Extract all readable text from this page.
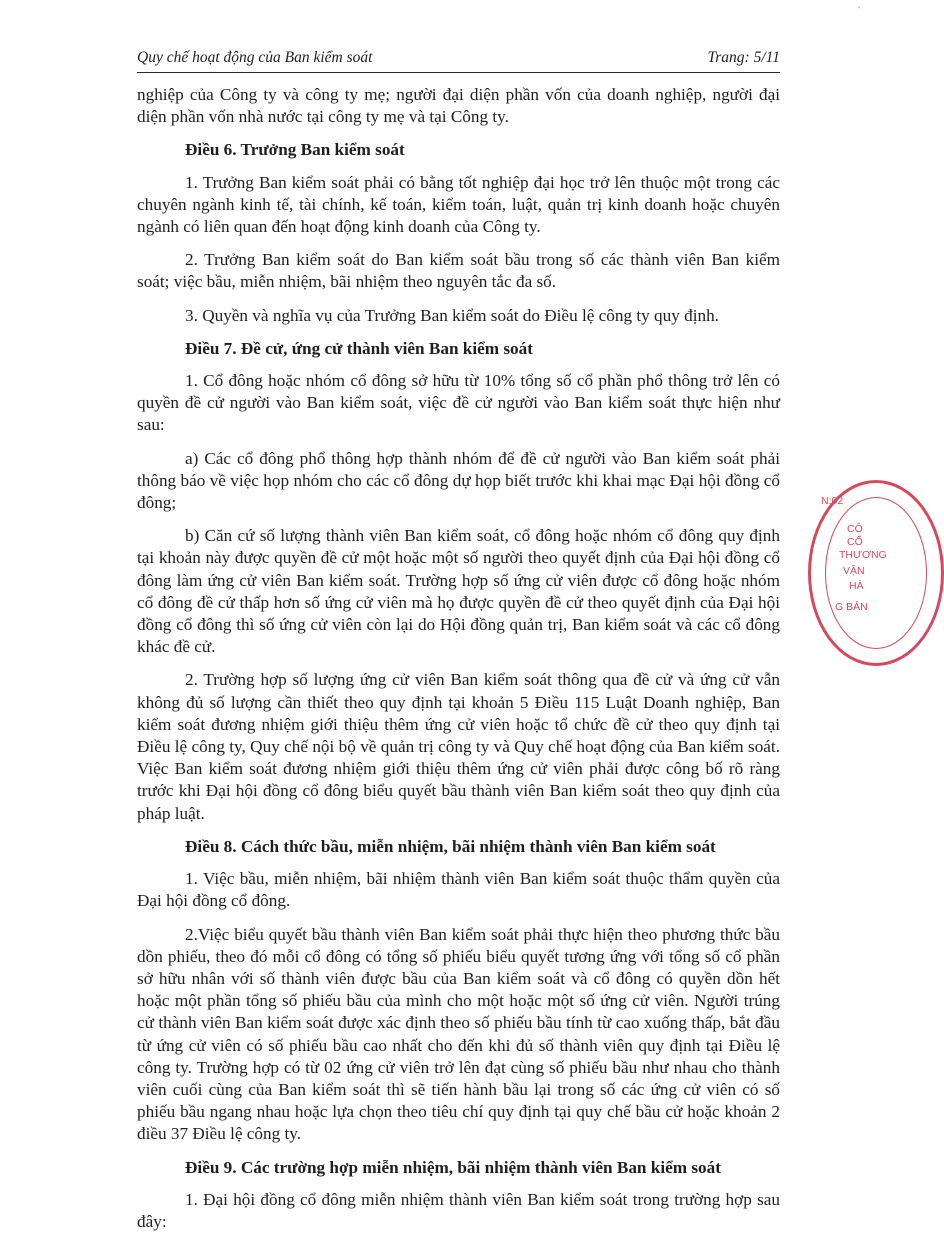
`
Quy chế hoạt động của Ban kiểm soát	Trang: 5/11

nghiệp của Công ty và công ty mẹ; người đại diện phần vốn của doanh nghiệp, người đại diện phần vốn nhà nước tại công ty mẹ và tại Công ty.

Điều 6. Trưởng Ban kiểm soát

1. Trưởng Ban kiểm soát phải có bằng tốt nghiệp đại học trở lên thuộc một trong các chuyên ngành kinh tế, tài chính, kế toán, kiểm toán, luật, quản trị kinh doanh hoặc chuyên ngành có liên quan đến hoạt động kinh doanh của Công ty.

2. Trưởng Ban kiểm soát do Ban kiểm soát bầu trong số các thành viên Ban kiểm soát; việc bầu, miễn nhiệm, bãi nhiệm theo nguyên tắc đa số.

3. Quyền và nghĩa vụ của Trưởng Ban kiểm soát do Điều lệ công ty quy định.

Điều 7. Đề cử, ứng cử thành viên Ban kiểm soát

1. Cổ đông hoặc nhóm cổ đông sở hữu từ 10% tổng số cổ phần phổ thông trở lên có quyền đề cử người vào Ban kiểm soát, việc đề cử người vào Ban kiểm soát thực hiện như sau:

a) Các cổ đông phổ thông hợp thành nhóm để đề cử người vào Ban kiểm soát phải thông báo về việc họp nhóm cho các cổ đông dự họp biết trước khi khai mạc Đại hội đồng cổ đông;

b) Căn cứ số lượng thành viên Ban kiểm soát, cổ đông hoặc nhóm cổ đông quy định tại khoản này được quyền đề cử một hoặc một số người theo quyết định của Đại hội đồng cổ đông làm ứng cử viên Ban kiểm soát. Trường hợp số ứng cử viên được cổ đông hoặc nhóm cổ đông đề cử thấp hơn số ứng cử viên mà họ được quyền đề cử theo quyết định của Đại hội đồng cổ đông thì số ứng cử viên còn lại do Hội đồng quản trị, Ban kiểm soát và các cổ đông khác đề cử.

2. Trường hợp số lượng ứng cử viên Ban kiểm soát thông qua đề cử và ứng cử vẫn không đủ số lượng cần thiết theo quy định tại khoản 5 Điều 115 Luật Doanh nghiệp, Ban kiểm soát đương nhiệm giới thiệu thêm ứng cử viên hoặc tổ chức đề cử theo quy định tại Điều lệ công ty, Quy chế nội bộ về quản trị công ty và Quy chế hoạt động của Ban kiểm soát. Việc Ban kiểm soát đương nhiệm giới thiệu thêm ứng cử viên phải được công bố rõ ràng trước khi Đại hội đồng cổ đông biểu quyết bầu thành viên Ban kiểm soát theo quy định của pháp luật.

Điều 8. Cách thức bầu, miễn nhiệm, bãi nhiệm thành viên Ban kiểm soát

1. Việc bầu, miễn nhiệm, bãi nhiệm thành viên Ban kiểm soát thuộc thẩm quyền của Đại hội đồng cổ đông.

2.Việc biểu quyết bầu thành viên Ban kiểm soát phải thực hiện theo phương thức bầu dồn phiếu, theo đó mỗi cổ đông có tổng số phiếu biểu quyết tương ứng với tổng số cổ phần sở hữu nhân với số thành viên được bầu của Ban kiểm soát và cổ đông có quyền dồn hết hoặc một phần tổng số phiếu bầu của mình cho một hoặc một số ứng cử viên. Người trúng cử thành viên Ban kiểm soát được xác định theo số phiếu bầu tính từ cao xuống thấp, bắt đầu từ ứng cử viên có số phiếu bầu cao nhất cho đến khi đủ số thành viên quy định tại Điều lệ công ty. Trường hợp có từ 02 ứng cử viên trở lên đạt cùng số phiếu bầu như nhau cho thành viên cuối cùng của Ban kiểm soát thì sẽ tiến hành bầu lại trong số các ứng cử viên có số phiếu bầu ngang nhau hoặc lựa chọn theo tiêu chí quy định tại quy chế bầu cử hoặc khoản 2 điều 37 Điều lệ công ty.

Điều 9. Các trường hợp miễn nhiệm, bãi nhiệm thành viên Ban kiểm soát

1. Đại hội đồng cổ đông miễn nhiệm thành viên Ban kiểm soát trong trường hợp sau đây:

N:02
CÔ
CỔ
THƯƠNG
VẬN
HÀ
G BẢN
